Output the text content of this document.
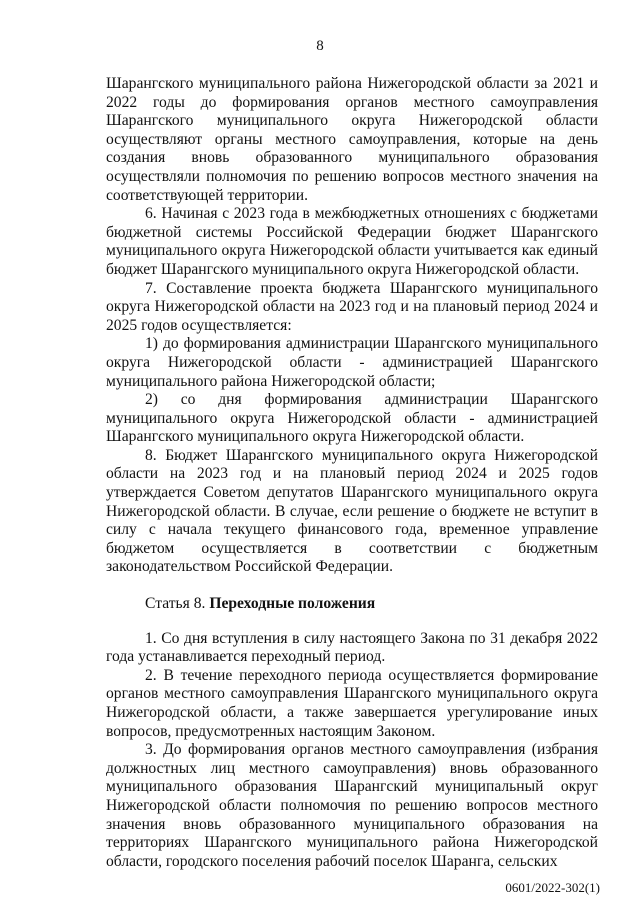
8

Шарангского муниципального района Нижегородской области за 2021 и 2022 годы до формирования органов местного самоуправления Шарангского муниципального округа Нижегородской области осуществляют органы местного самоуправления, которые на день создания вновь образованного муниципального образования осуществляли полномочия по решению вопросов местного значения на соответствующей территории.

6. Начиная с 2023 года в межбюджетных отношениях с бюджетами бюджетной системы Российской Федерации бюджет Шарангского муниципального округа Нижегородской области учитывается как единый бюджет Шарангского муниципального округа Нижегородской области.

7. Составление проекта бюджета Шарангского муниципального округа Нижегородской области на 2023 год и на плановый период 2024 и 2025 годов осуществляется:

1) до формирования администрации Шарангского муниципального округа Нижегородской области - администрацией Шарангского муниципального района Нижегородской области;

2) со дня формирования администрации Шарангского муниципального округа Нижегородской области - администрацией Шарангского муниципального округа Нижегородской области.

8. Бюджет Шарангского муниципального округа Нижегородской области на 2023 год и на плановый период 2024 и 2025 годов утверждается Советом депутатов Шарангского муниципального округа Нижегородской области. В случае, если решение о бюджете не вступит в силу с начала текущего финансового года, временное управление бюджетом осуществляется в соответствии с бюджетным законодательством Российской Федерации.

Статья 8. Переходные положения

1. Со дня вступления в силу настоящего Закона по 31 декабря 2022 года устанавливается переходный период.

2. В течение переходного периода осуществляется формирование органов местного самоуправления Шарангского муниципального округа Нижегородской области, а также завершается урегулирование иных вопросов, предусмотренных настоящим Законом.

3. До формирования органов местного самоуправления (избрания должностных лиц местного самоуправления) вновь образованного муниципального образования Шарангский муниципальный округ Нижегородской области полномочия по решению вопросов местного значения вновь образованного муниципального образования на территориях Шарангского муниципального района Нижегородской области, городского поселения рабочий поселок Шаранга, сельских

0601/2022-302(1)
